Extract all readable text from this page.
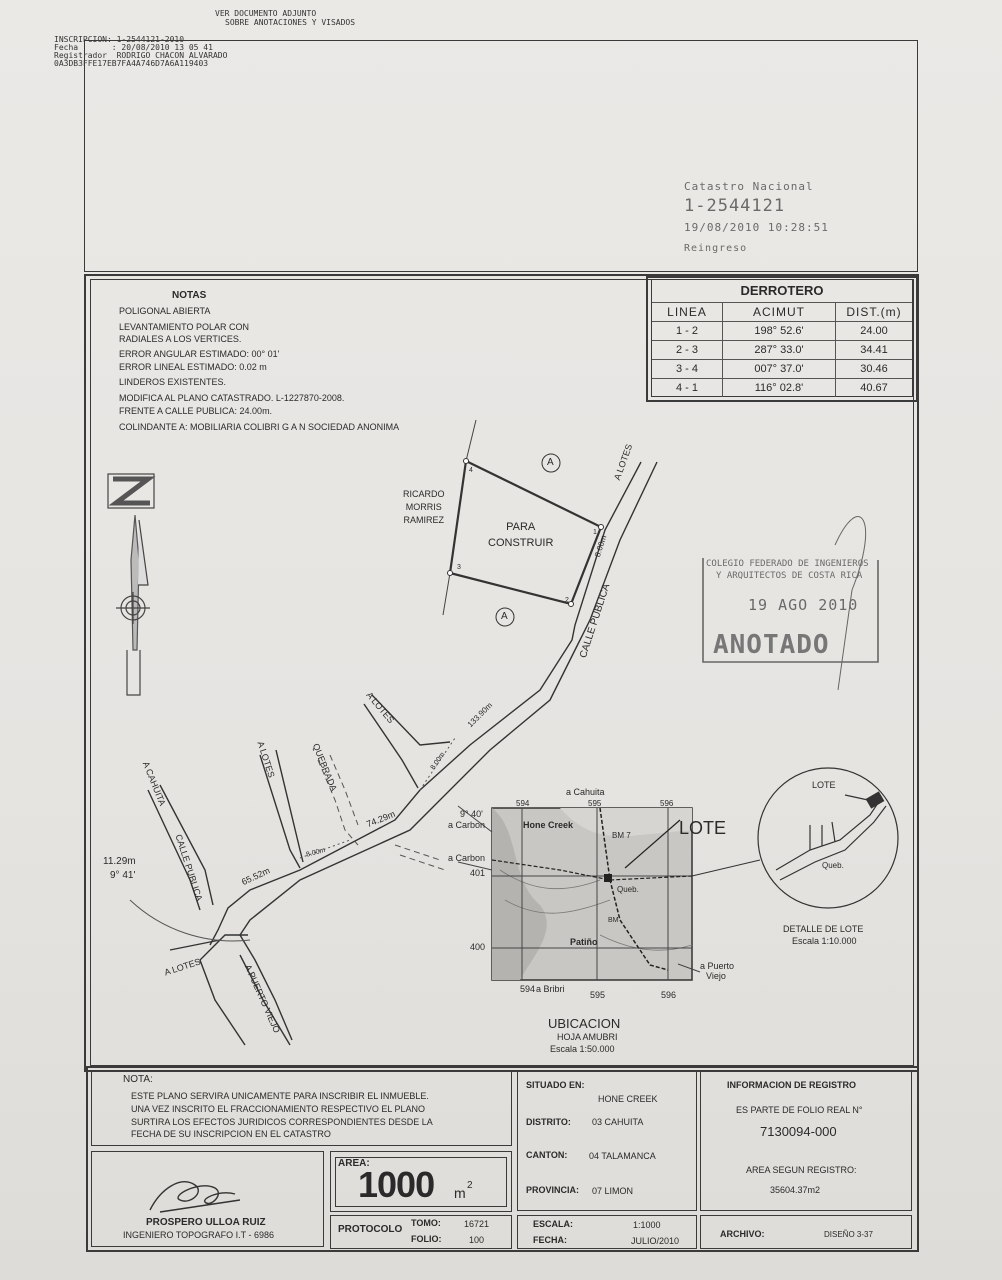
VER DOCUMENTO ADJUNTO
SOBRE ANOTACIONES Y VISADOS
INSCRIPCION: 1-2544121-2010
Fecha       : 20/08/2010 13 05 41
Registrador  RODRIGO CHACON ALVARADO
0A3DB3FFE17EB7FA4A746D7A6A119403
Catastro Nacional
1-2544121
19/08/2010 10:28:51
Reingreso
NOTAS
POLIGONAL ABIERTA
LEVANTAMIENTO POLAR CON
RADIALES A LOS VERTICES.
ERROR ANGULAR ESTIMADO: 00° 01'
ERROR LINEAL ESTIMADO: 0.02 m
LINDEROS EXISTENTES.
MODIFICA AL PLANO CATASTRADO. L-1227870-2008.
FRENTE A CALLE PUBLICA: 24.00m.
COLINDANTE A: MOBILIARIA COLIBRI G A N SOCIEDAD ANONIMA
DERROTERO
LINEA	ACIMUT	DIST.(m)
1 - 2	198° 52.6'	24.00
2 - 3	287° 33.0'	34.41
3 - 4	007° 37.0'	30.46
4 - 1	116° 02.8'	40.67
RICARDO
MORRIS
RAMIREZ
PARA
CONSTRUIR
A
A
1
2
3
4	A LOTES
CALLE PUBLICA
8.00m
133.90m
A LOTES
8.00m
A LOTES	QUEBRADA
74.29m
8.00m
65.52m
A CAHUITA
CALLE PUBLICA
11.29m
9° 41'
A LOTES	A PUERTO VIEJO
COLEGIO FEDERADO DE INGENIEROS
Y ARQUITECTOS DE COSTA RICA
19 AGO 2010
ANOTADO
a Cahuita
594	595	596
9° 40'
a Carbon
a Carbon
401
400
Hone Creek
BM 7
Queb.
BM
Patiño
a Puerto
Viejo
594 a Bribri
595	596
LOTE
UBICACION
HOJA AMUBRI
Escala 1:50.000
LOTE
Queb.
DETALLE DE LOTE
Escala 1:10.000
NOTA:
ESTE PLANO SERVIRA UNICAMENTE PARA INSCRIBIR EL INMUEBLE.
UNA VEZ INSCRITO EL FRACCIONAMIENTO RESPECTIVO EL PLANO
SURTIRA LOS EFECTOS JURIDICOS CORRESPONDIENTES DESDE LA
FECHA DE SU INSCRIPCION EN EL CATASTRO
PROSPERO ULLOA RUIZ
INGENIERO TOPOGRAFO I.T - 6986
AREA:
1000 m 2
PROTOCOLO
TOMO:	16721
FOLIO:	100
SITUADO EN:
HONE CREEK
DISTRITO: 03 CAHUITA
CANTON: 04 TALAMANCA
PROVINCIA: 07 LIMON
ESCALA:	1:1000
FECHA:	JULIO/2010
INFORMACION DE REGISTRO
ES PARTE DE FOLIO REAL N°
7130094-000
AREA SEGUN REGISTRO:
35604.37m2
ARCHIVO:	DISEÑO 3-37
